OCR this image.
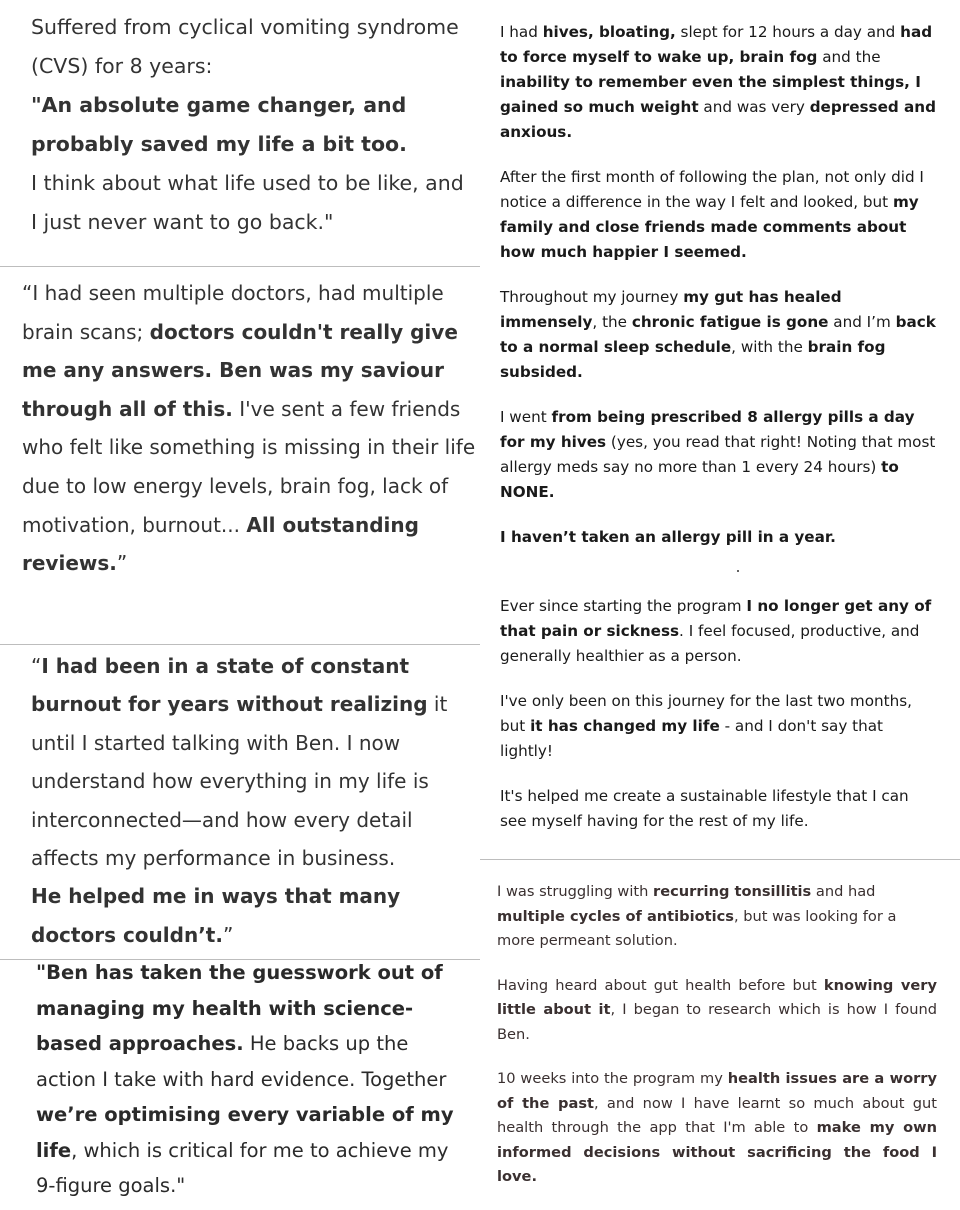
Suffered from cyclical vomiting syndrome (CVS) for 8 years:

"An absolute game changer, and probably saved my life a bit too.

I think about what life used to be like, and I just never want to go back."

“I had seen multiple doctors, had multiple brain scans; doctors couldn't really give me any answers. Ben was my saviour through all of this. I've sent a few friends who felt like something is missing in their life due to low energy levels, brain fog, lack of motivation, burnout... All outstanding reviews.”

“I had been in a state of constant burnout for years without realizing it until I started talking with Ben. I now understand how everything in my life is interconnected—and how every detail affects my performance in business.

He helped me in ways that many doctors couldn’t.”

"Ben has taken the guesswork out of managing my health with science-based approaches. He backs up the action I take with hard evidence. Together we’re optimising every variable of my life, which is critical for me to achieve my 9-figure goals."

I had hives, bloating, slept for 12 hours a day and had to force myself to wake up, brain fog and the inability to remember even the simplest things, I gained so much weight and was very depressed and anxious.

After the first month of following the plan, not only did I notice a difference in the way I felt and looked, but my family and close friends made comments about how much happier I seemed.

Throughout my journey my gut has healed immensely, the chronic fatigue is gone and I’m back to a normal sleep schedule, with the brain fog subsided.

I went from being prescribed 8 allergy pills a day for my hives (yes, you read that right! Noting that most allergy meds say no more than 1 every 24 hours) to NONE.

I haven’t taken an allergy pill in a year.

Ever since starting the program I no longer get any of that pain or sickness. I feel focused, productive, and generally healthier as a person.

I've only been on this journey for the last two months, but it has changed my life - and I don't say that lightly!

It's helped me create a sustainable lifestyle that I can see myself having for the rest of my life.

I was struggling with recurring tonsillitis and had multiple cycles of antibiotics, but was looking for a more permeant solution.

Having heard about gut health before but knowing very little about it, I began to research which is how I found Ben.

10 weeks into the program my health issues are a worry of the past, and now I have learnt so much about gut health through the app that I'm able to make my own informed decisions without sacrificing the food I love.
